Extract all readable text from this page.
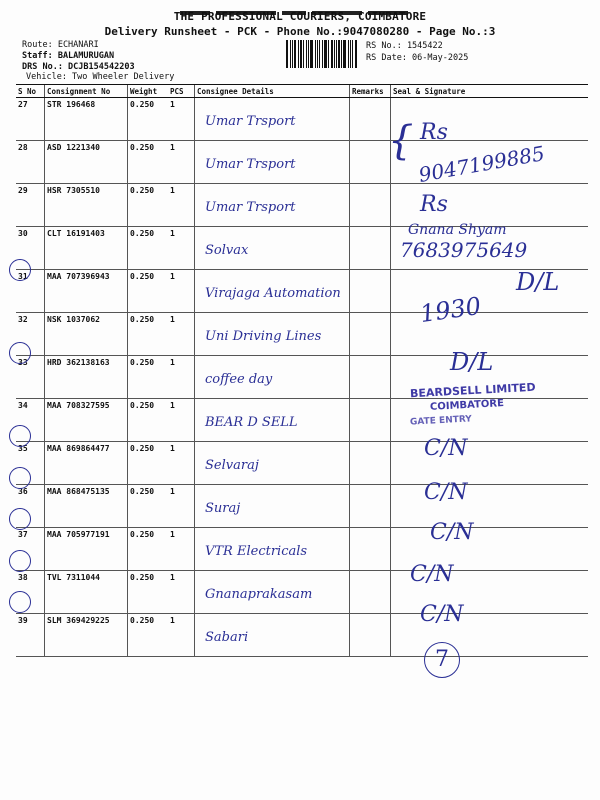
THE PROFESSIONAL COURIERS, COIMBATORE
Delivery Runsheet - PCK - Phone No.:9047080280 - Page No.:3
Route: ECHANARI
Staff: BALAMURUGAN
DRS No.: DCJB154542203
Vehicle: Two Wheeler Delivery
RS No.: 1545422
RS Date: 06-May-2025
S No	Consignment No	Weight	PCS	Consignee Details	Remarks	Seal & Signature
27	STR 196468	0.250	1	Umar Trsport		

28	ASD 1221340	0.250	1	Umar Trsport		

29	HSR 7305510	0.250	1	Umar Trsport		

30	CLT 16191403	0.250	1	Solvax		

31	MAA 707396943	0.250	1	Virajaga Automation		

32	NSK 1037062	0.250	1	Uni Driving Lines		

33	HRD 362138163	0.250	1	coffee day		

34	MAA 708327595	0.250	1	BEAR D SELL		

35	MAA 869864477	0.250	1	Selvaraj		

36	MAA 868475135	0.250	1	Suraj		

37	MAA 705977191	0.250	1	VTR Electricals		

38	TVL 7311044	0.250	1	Gnanaprakasam		

39	SLM 369429225	0.250	1	Sabari		

{ Rs
9047199885
Rs
Gnana Shyam
7683975649
D/L
1930
D/L
BEARDSELL LIMITED
COIMBATORE
GATE ENTRY
C/N
C/N
C/N
C/N
C/N
7
